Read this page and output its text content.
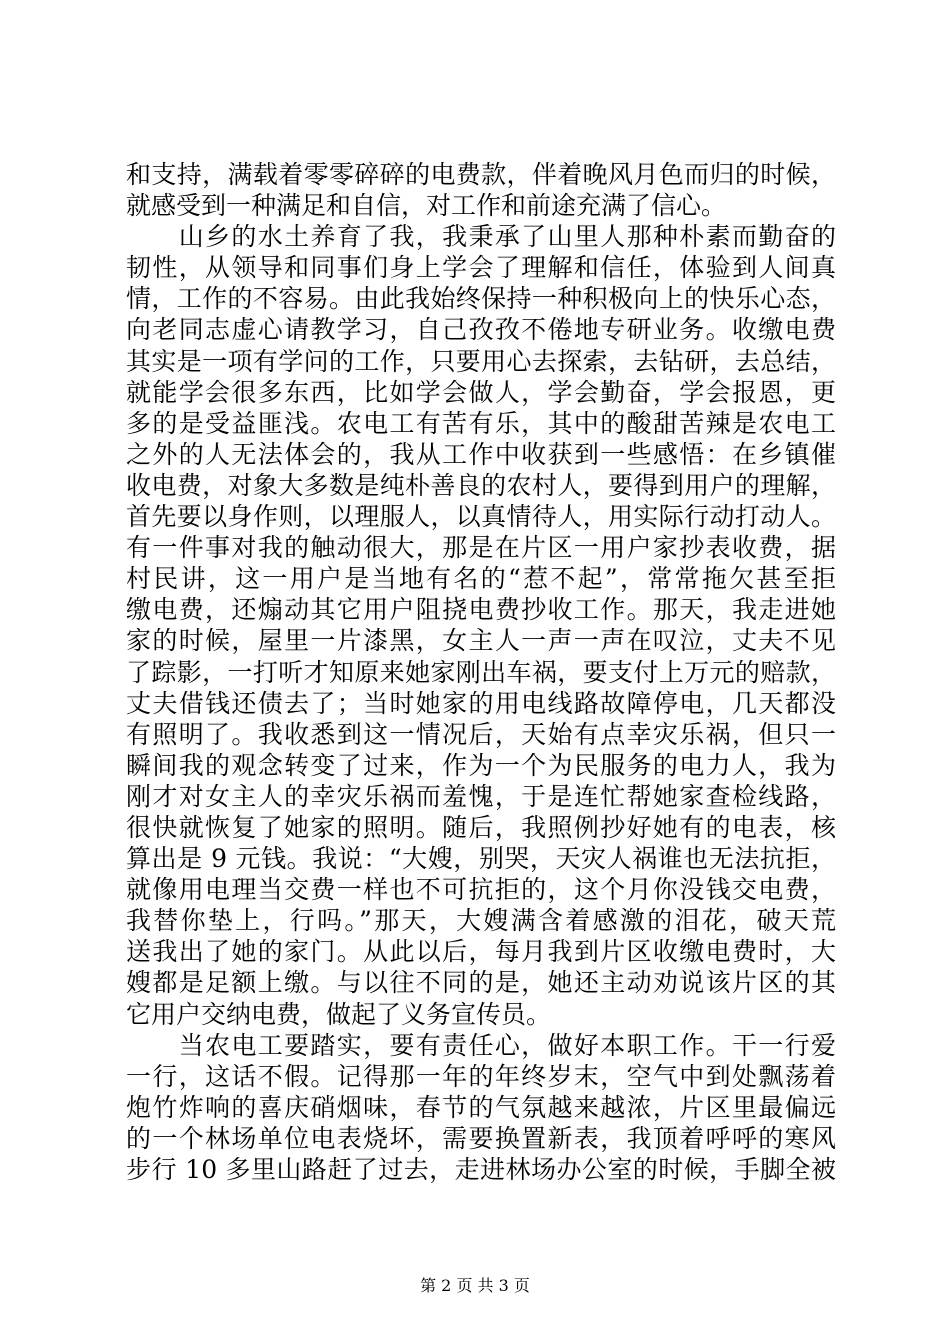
和支持，满载着零零碎碎的电费款，伴着晚风月色而归的时候，
就感受到一种满足和自信，对工作和前途充满了信心。
　　山乡的水土养育了我，我秉承了山里人那种朴素而勤奋的
韧性，从领导和同事们身上学会了理解和信任，体验到人间真
情，工作的不容易。由此我始终保持一种积极向上的快乐心态，
向老同志虚心请教学习，自己孜孜不倦地专研业务。收缴电费
其实是一项有学问的工作，只要用心去探索，去钻研，去总结，
就能学会很多东西，比如学会做人，学会勤奋，学会报恩，更
多的是受益匪浅。农电工有苦有乐，其中的酸甜苦辣是农电工
之外的人无法体会的，我从工作中收获到一些感悟：在乡镇催
收电费，对象大多数是纯朴善良的农村人，要得到用户的理解，
首先要以身作则，以理服人，以真情待人，用实际行动打动人。
有一件事对我的触动很大，那是在片区一用户家抄表收费，据
村民讲，这一用户是当地有名的“惹不起”，常常拖欠甚至拒
缴电费，还煽动其它用户阻挠电费抄收工作。那天，我走进她
家的时候，屋里一片漆黑，女主人一声一声在叹泣，丈夫不见
了踪影，一打听才知原来她家刚出车祸，要支付上万元的赔款，
丈夫借钱还债去了；当时她家的用电线路故障停电，几天都没
有照明了。我收悉到这一情况后，天始有点幸灾乐祸，但只一
瞬间我的观念转变了过来，作为一个为民服务的电力人，我为
刚才对女主人的幸灾乐祸而羞愧，于是连忙帮她家查检线路，
很快就恢复了她家的照明。随后，我照例抄好她有的电表，核
算出是 9 元钱。我说：“大嫂，别哭，天灾人祸谁也无法抗拒，
就像用电理当交费一样也不可抗拒的，这个月你没钱交电费，
我替你垫上，行吗。”那天，大嫂满含着感激的泪花，破天荒
送我出了她的家门。从此以后，每月我到片区收缴电费时，大
嫂都是足额上缴。与以往不同的是，她还主动劝说该片区的其
它用户交纳电费，做起了义务宣传员。
　　当农电工要踏实，要有责任心，做好本职工作。干一行爱
一行，这话不假。记得那一年的年终岁末，空气中到处飘荡着
炮竹炸响的喜庆硝烟味，春节的气氛越来越浓，片区里最偏远
的一个林场单位电表烧坏，需要换置新表，我顶着呼呼的寒风
步行 10 多里山路赶了过去，走进林场办公室的时候，手脚全被
第 2 页 共 3 页
